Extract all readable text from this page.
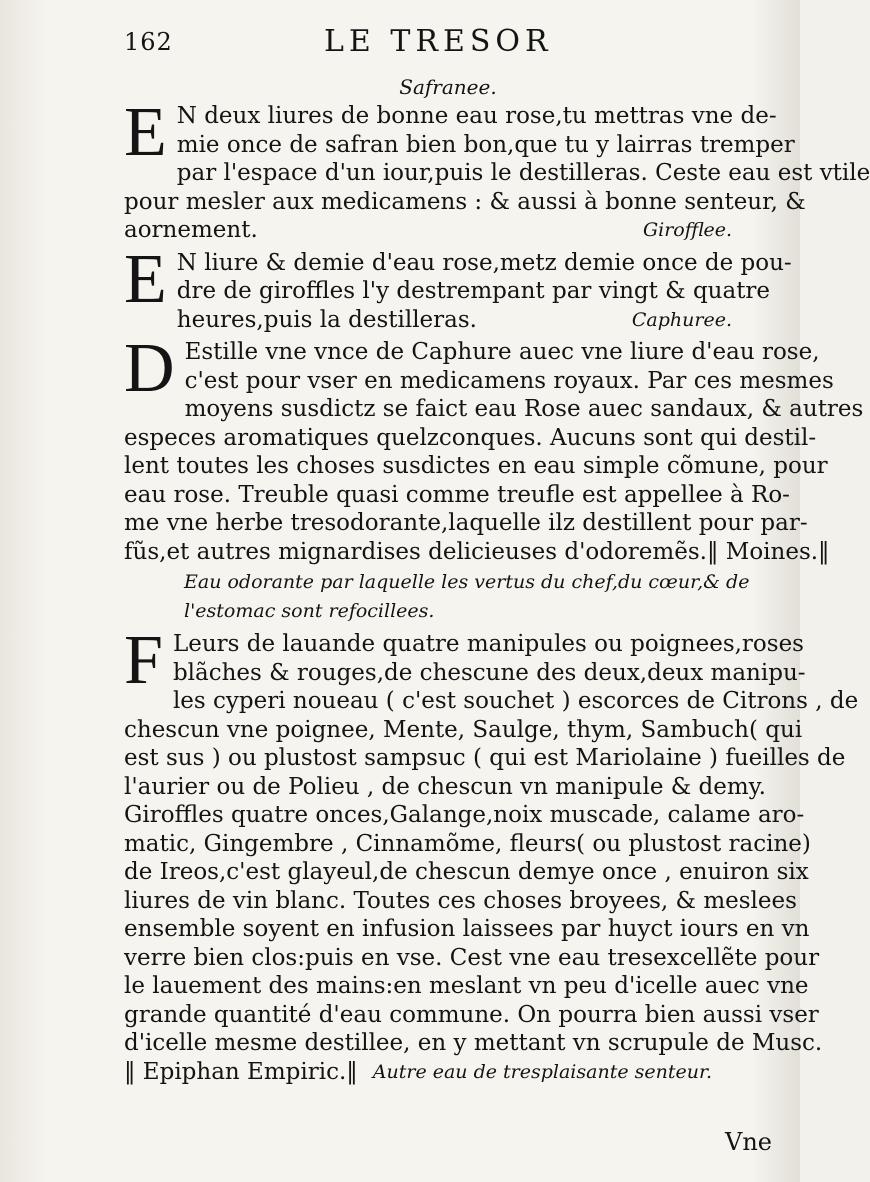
162	LE TRESOR
Safranee.
E N deux liures de bonne eau rose,tu mettras vne de-
mie once de safran bien bon,que tu y lairras tremper
par l'espace d'un iour,puis le destilleras. Ceste eau est vtile
pour mesler aux medicamens : & aussi à bonne senteur, &
aornement.	Girofflee.
E N liure & demie d'eau rose,metz demie once de pou-
dre de giroffles l'y destrempant par vingt & quatre
heures,puis la destilleras.	Caphuree.
D Estille vne vnce de Caphure auec vne liure d'eau rose,
c'est pour vser en medicamens royaux. Par ces mesmes
moyens susdictz se faict eau Rose auec sandaux, & autres
especes aromatiques quelzconques. Aucuns sont qui destil-
lent toutes les choses susdictes en eau simple cõmune, pour
eau rose. Treuble quasi comme treufle est appellee à Ro-
me vne herbe tresodorante,laquelle ilz destillent pour par-
fũs,et autres mignardises delicieuses d'odoremẽs.‖ Moines.‖
Eau odorante par laquelle les vertus du chef,du cœur,& de
l'estomac sont refocillees.
F Leurs de lauande quatre manipules ou poignees,roses
blãches & rouges,de chescune des deux,deux manipu-
les cyperi noueau ( c'est souchet ) escorces de Citrons , de
chescun vne poignee, Mente, Saulge, thym, Sambuch( qui
est sus ) ou plustost sampsuc ( qui est Mariolaine ) fueilles de
l'aurier ou de Polieu , de chescun vn manipule & demy.
Giroffles quatre onces,Galange,noix muscade, calame aro-
matic, Gingembre , Cinnamõme, fleurs( ou plustost racine)
de Ireos,c'est glayeul,de chescun demye once , enuiron six
liures de vin blanc. Toutes ces choses broyees, & meslees
ensemble soyent en infusion laissees par huyct iours en vn
verre bien clos:puis en vse. Cest vne eau tresexcellẽte pour
le lauement des mains:en meslant vn peu d'icelle auec vne
grande quantité d'eau commune. On pourra bien aussi vser
d'icelle mesme destillee, en y mettant vn scrupule de Musc.
‖ Epiphan Empiric.‖ Autre eau de tresplaisante senteur.
Vne
